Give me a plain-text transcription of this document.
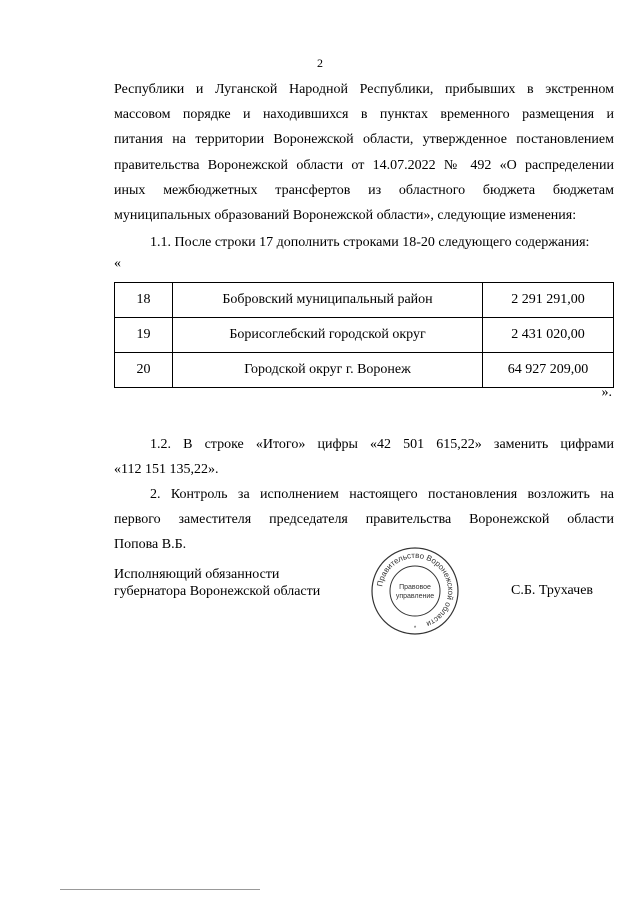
2

Республики и Луганской Народной Республики, прибывших в экстренном

массовом порядке и находившихся в пунктах временного размещения и

питания на территории Воронежской области, утвержденное постановлением

правительства Воронежской области от 14.07.2022 № 492 «О распределении

иных межбюджетных трансфертов из областного бюджета бюджетам

муниципальных образований Воронежской области», следующие изменения:

1.1. После строки 17 дополнить строками 18-20 следующего содержания:
«
18	Бобровский муниципальный район	2 291 291,00
19	Борисоглебский городской округ	2 431 020,00
20	Городской округ г. Воронеж	64 927 209,00
».

1.2. В строке «Итого» цифры «42 501 615,22» заменить цифрами

«112 151 135,22».

2. Контроль за исполнением настоящего постановления возложить на

первого заместителя председателя правительства Воронежской области

Попова В.Б.

Исполняющий обязанности
губернатора Воронежской области
Правительство Воронежской области
Правовое
управление
*
С.Б. Трухачев
